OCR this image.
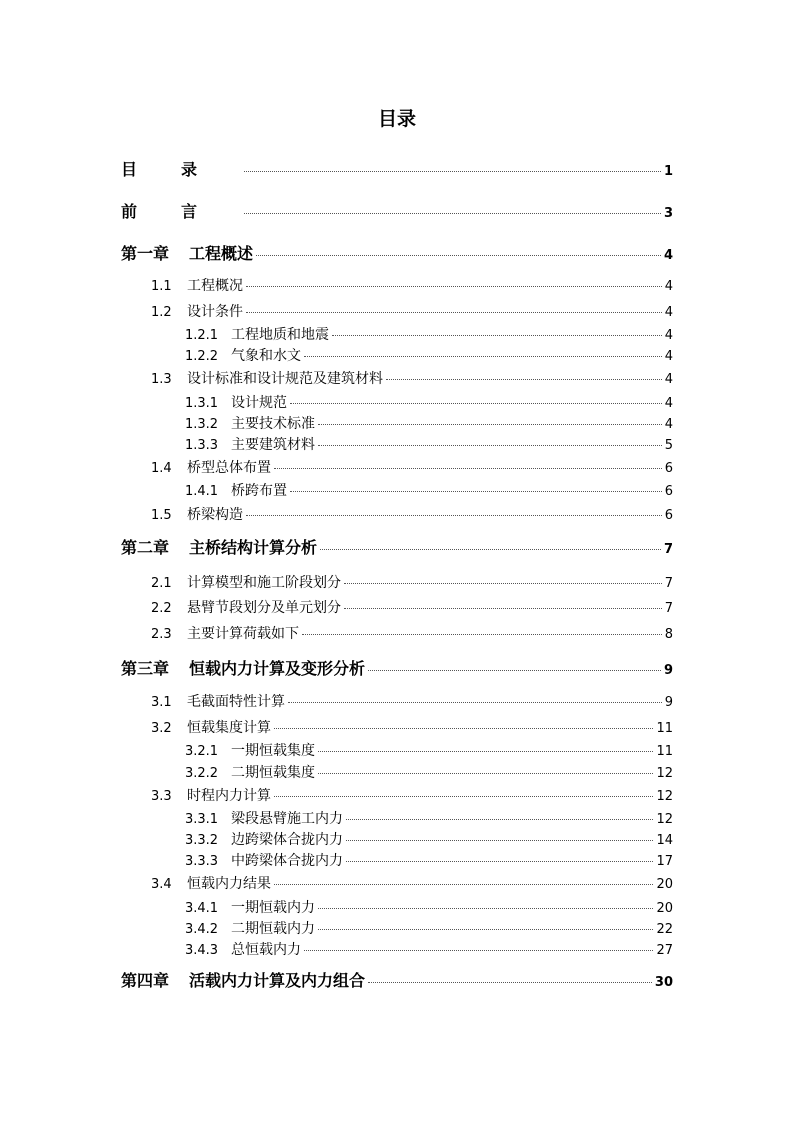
目录
目录	1
前言	3
第一章 工程概述	4
1.1	工程概况	4
1.2	设计条件	4
1.2.1 工程地质和地震	4
1.2.2 气象和水文	4
1.3	设计标准和设计规范及建筑材料	4
1.3.1 设计规范	4
1.3.2 主要技术标准	4
1.3.3 主要建筑材料	5
1.4	桥型总体布置	6
1.4.1 桥跨布置	6
1.5	桥梁构造	6
第二章 主桥结构计算分析	7
2.1	计算模型和施工阶段划分	7
2.2	悬臂节段划分及单元划分	7
2.3	主要计算荷载如下	8
第三章 恒载内力计算及变形分析	9
3.1	毛截面特性计算	9
3.2	恒载集度计算	11
3.2.1 一期恒载集度	11
3.2.2 二期恒载集度	12
3.3	时程内力计算	12
3.3.1 梁段悬臂施工内力	12
3.3.2 边跨梁体合拢内力	14
3.3.3 中跨梁体合拢内力	17
3.4	恒载内力结果	20
3.4.1 一期恒载内力	20
3.4.2 二期恒载内力	22
3.4.3 总恒载内力	27
第四章 活载内力计算及内力组合	30
